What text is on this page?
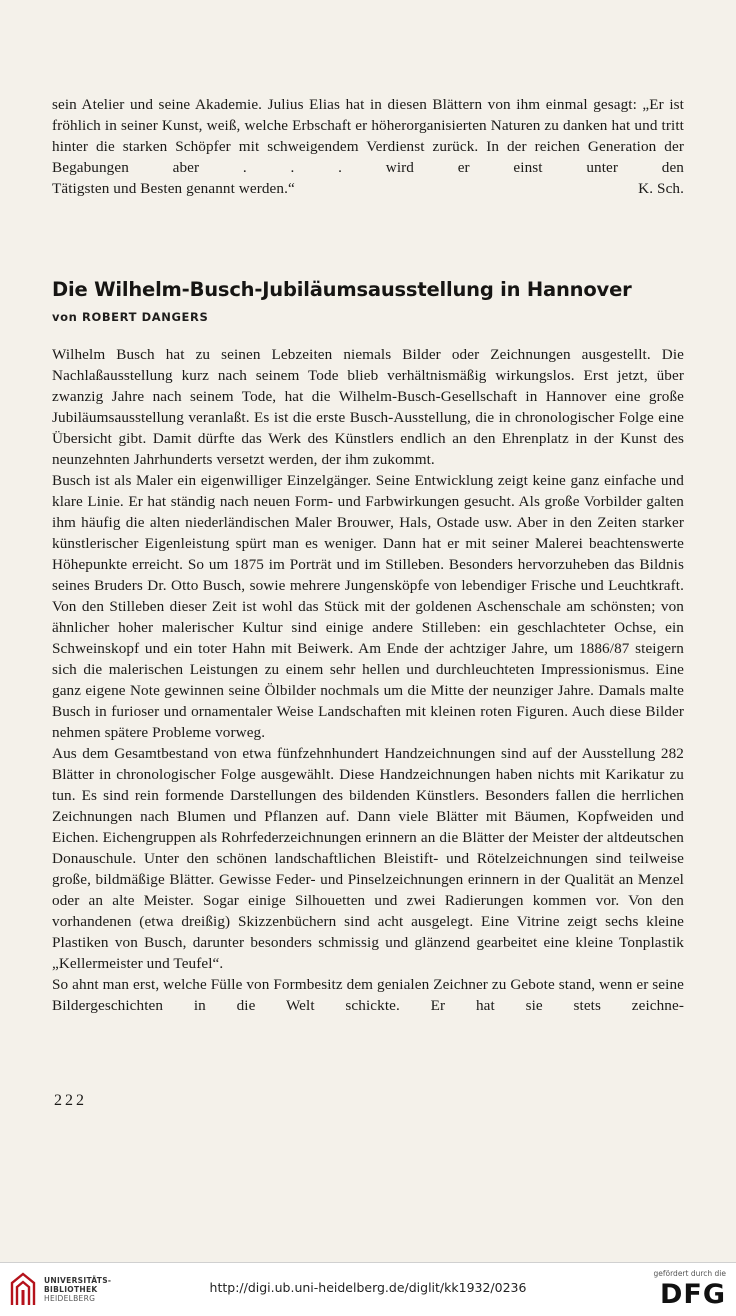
sein Atelier und seine Akademie. Julius Elias hat in diesen Blättern von ihm einmal gesagt: „Er ist fröhlich in seiner Kunst, weiß, welche Erbschaft er höherorganisierten Naturen zu danken hat und tritt hinter die starken Schöpfer mit schweigendem Verdienst zurück. In der reichen Generation der Begabungen aber . . . wird er einst unter den
Tätigsten und Besten genannt werden.“	K. Sch.
Die Wilhelm-Busch-Jubiläumsausstellung in Hannover
von ROBERT DANGERS

Wilhelm Busch hat zu seinen Lebzeiten niemals Bilder oder Zeichnungen ausgestellt. Die Nachlaßausstellung kurz nach seinem Tode blieb verhältnismäßig wirkungslos. Erst jetzt, über zwanzig Jahre nach seinem Tode, hat die Wilhelm-Busch-Gesellschaft in Hannover eine große Jubiläumsausstellung veranlaßt. Es ist die erste Busch-Ausstellung, die in chronologischer Folge eine Übersicht gibt. Damit dürfte das Werk des Künstlers endlich an den Ehrenplatz in der Kunst des neunzehnten Jahrhunderts versetzt werden, der ihm zukommt.

Busch ist als Maler ein eigenwilliger Einzelgänger. Seine Entwicklung zeigt keine ganz einfache und klare Linie. Er hat ständig nach neuen Form- und Farbwirkungen gesucht. Als große Vorbilder galten ihm häufig die alten niederländischen Maler Brouwer, Hals, Ostade usw. Aber in den Zeiten starker künstlerischer Eigenleistung spürt man es weniger. Dann hat er mit seiner Malerei beachtenswerte Höhepunkte erreicht. So um 1875 im Porträt und im Stilleben. Besonders hervorzuheben das Bildnis seines Bruders Dr. Otto Busch, sowie mehrere Jungensköpfe von lebendiger Frische und Leuchtkraft. Von den Stilleben dieser Zeit ist wohl das Stück mit der goldenen Aschenschale am schönsten; von ähnlicher hoher malerischer Kultur sind einige andere Stilleben: ein geschlachteter Ochse, ein Schweinskopf und ein toter Hahn mit Beiwerk. Am Ende der achtziger Jahre, um 1886/87 steigern sich die malerischen Leistungen zu einem sehr hellen und durchleuchteten Impressionismus. Eine ganz eigene Note gewinnen seine Ölbilder nochmals um die Mitte der neunziger Jahre. Damals malte Busch in furioser und ornamentaler Weise Landschaften mit kleinen roten Figuren. Auch diese Bilder nehmen spätere Probleme vorweg.

Aus dem Gesamtbestand von etwa fünfzehnhundert Handzeichnungen sind auf der Ausstellung 282 Blätter in chronologischer Folge ausgewählt. Diese Handzeichnungen haben nichts mit Karikatur zu tun. Es sind rein formende Darstellungen des bildenden Künstlers. Besonders fallen die herrlichen Zeichnungen nach Blumen und Pflanzen auf. Dann viele Blätter mit Bäumen, Kopfweiden und Eichen. Eichengruppen als Rohrfederzeichnungen erinnern an die Blätter der Meister der altdeutschen Donauschule. Unter den schönen landschaftlichen Bleistift- und Rötelzeichnungen sind teilweise große, bildmäßige Blätter. Gewisse Feder- und Pinselzeichnungen erinnern in der Qualität an Menzel oder an alte Meister. Sogar einige Silhouetten und zwei Radierungen kommen vor. Von den vorhandenen (etwa dreißig) Skizzenbüchern sind acht ausgelegt. Eine Vitrine zeigt sechs kleine Plastiken von Busch, darunter besonders schmissig und glänzend gearbeitet eine kleine Tonplastik „Kellermeister und Teufel“.

So ahnt man erst, welche Fülle von Formbesitz dem genialen Zeichner zu Gebote stand, wenn er seine Bildergeschichten in die Welt schickte. Er hat sie stets zeichne-

222
UNIVERSITÄTS-
BIBLIOTHEK
HEIDELBERG
http://digi.ub.uni-heidelberg.de/diglit/kk1932/0236
gefördert durch die
DFG
